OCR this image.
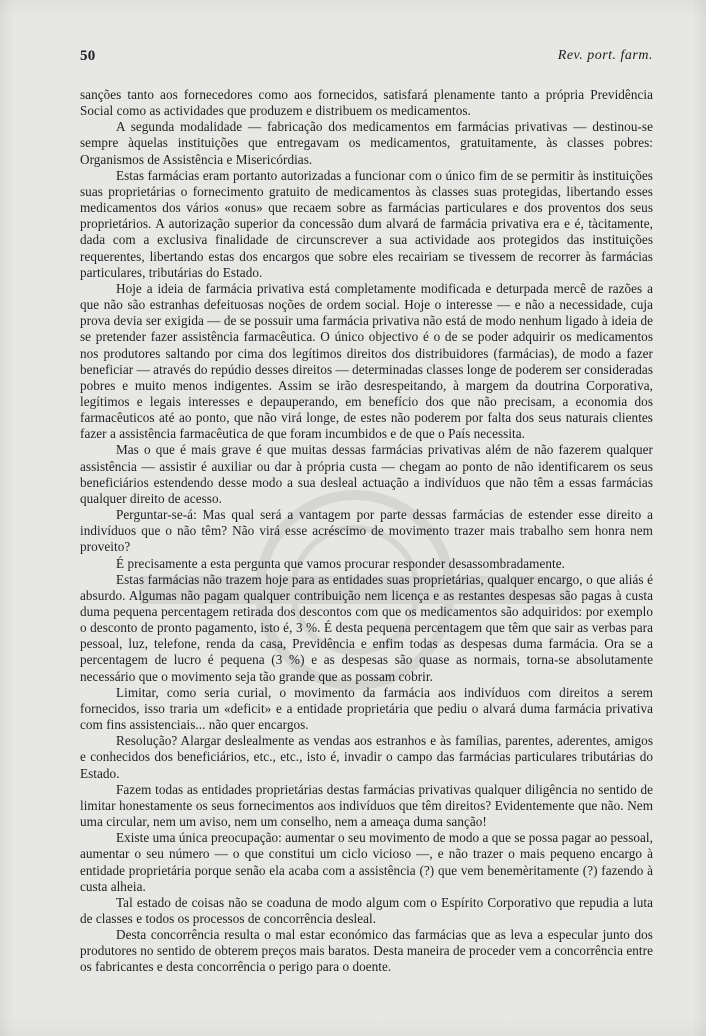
50	Rev. port. farm.

sanções tanto aos fornecedores como aos fornecidos, satisfará plenamente tanto a própria Previdência Social como as actividades que produzem e distribuem os medicamentos.

A segunda modalidade — fabricação dos medicamentos em farmácias privativas — destinou-se sempre àquelas instituições que entregavam os medicamentos, gratuitamente, às classes pobres: Organismos de Assistência e Misericórdias.

Estas farmácias eram portanto autorizadas a funcionar com o único fim de se permitir às instituições suas proprietárias o fornecimento gratuito de medicamentos às classes suas protegidas, libertando esses medicamentos dos vários «onus» que recaem sobre as farmácias particulares e dos proventos dos seus proprietários. A autorização superior da concessão dum alvará de farmácia privativa era e é, tàcitamente, dada com a exclusiva finalidade de circunscrever a sua actividade aos protegidos das instituições requerentes, libertando estas dos encargos que sobre eles recairiam se tivessem de recorrer às farmácias particulares, tributárias do Estado.

Hoje a ideia de farmácia privativa está completamente modificada e deturpada mercê de razões a que não são estranhas defeituosas noções de ordem social. Hoje o interesse — e não a necessidade, cuja prova devia ser exigida — de se possuir uma farmácia privativa não está de modo nenhum ligado à ideia de se pretender fazer assistência farmacêutica. O único objectivo é o de se poder adquirir os medicamentos nos produtores saltando por cima dos legítimos direitos dos distribuidores (farmácias), de modo a fazer beneficiar — através do repúdio desses direitos — determinadas classes longe de poderem ser consideradas pobres e muito menos indigentes. Assim se irão desrespeitando, à margem da doutrina Corporativa, legítimos e legais interesses e depauperando, em benefício dos que não precisam, a economia dos farmacêuticos até ao ponto, que não virá longe, de estes não poderem por falta dos seus naturais clientes fazer a assistência farmacêutica de que foram incumbidos e de que o País necessita.

Mas o que é mais grave é que muitas dessas farmácias privativas além de não fazerem qualquer assistência — assistir é auxiliar ou dar à própria custa — chegam ao ponto de não identificarem os seus beneficiários estendendo desse modo a sua desleal actuação a indivíduos que não têm a essas farmácias qualquer direito de acesso.

Perguntar-se-á: Mas qual será a vantagem por parte dessas farmácias de estender esse direito a indivíduos que o não têm? Não virá esse acréscimo de movimento trazer mais trabalho sem honra nem proveito?

É precisamente a esta pergunta que vamos procurar responder desassombradamente.

Estas farmácias não trazem hoje para as entidades suas proprietárias, qualquer encargo, o que aliás é absurdo. Algumas não pagam qualquer contribuição nem licença e as restantes despesas são pagas à custa duma pequena percentagem retirada dos descontos com que os medicamentos são adquiridos: por exemplo o desconto de pronto pagamento, isto é, 3 %. É desta pequena percentagem que têm que sair as verbas para pessoal, luz, telefone, renda da casa, Previdência e enfim todas as despesas duma farmácia. Ora se a percentagem de lucro é pequena (3 %) e as despesas são quase as normais, torna-se absolutamente necessário que o movimento seja tão grande que as possam cobrir.

Limitar, como seria curial, o movimento da farmácia aos indivíduos com direitos a serem fornecidos, isso traria um «deficit» e a entidade proprietária que pediu o alvará duma farmácia privativa com fins assistenciais... não quer encargos.

Resolução? Alargar deslealmente as vendas aos estranhos e às famílias, parentes, aderentes, amigos e conhecidos dos beneficiários, etc., etc., isto é, invadir o campo das farmácias particulares tributárias do Estado.

Fazem todas as entidades proprietárias destas farmácias privativas qualquer diligência no sentido de limitar honestamente os seus fornecimentos aos indivíduos que têm direitos? Evidentemente que não. Nem uma circular, nem um aviso, nem um conselho, nem a ameaça duma sanção!

Existe uma única preocupação: aumentar o seu movimento de modo a que se possa pagar ao pessoal, aumentar o seu número — o que constitui um ciclo vicioso —, e não trazer o mais pequeno encargo à entidade proprietária porque senão ela acaba com a assistência (?) que vem benemèritamente (?) fazendo à custa alheia.

Tal estado de coisas não se coaduna de modo algum com o Espírito Corporativo que repudia a luta de classes e todos os processos de concorrência desleal.

Desta concorrência resulta o mal estar económico das farmácias que as leva a especular junto dos produtores no sentido de obterem preços mais baratos. Desta maneira de proceder vem a concorrência entre os fabricantes e desta concorrência o perigo para o doente.
